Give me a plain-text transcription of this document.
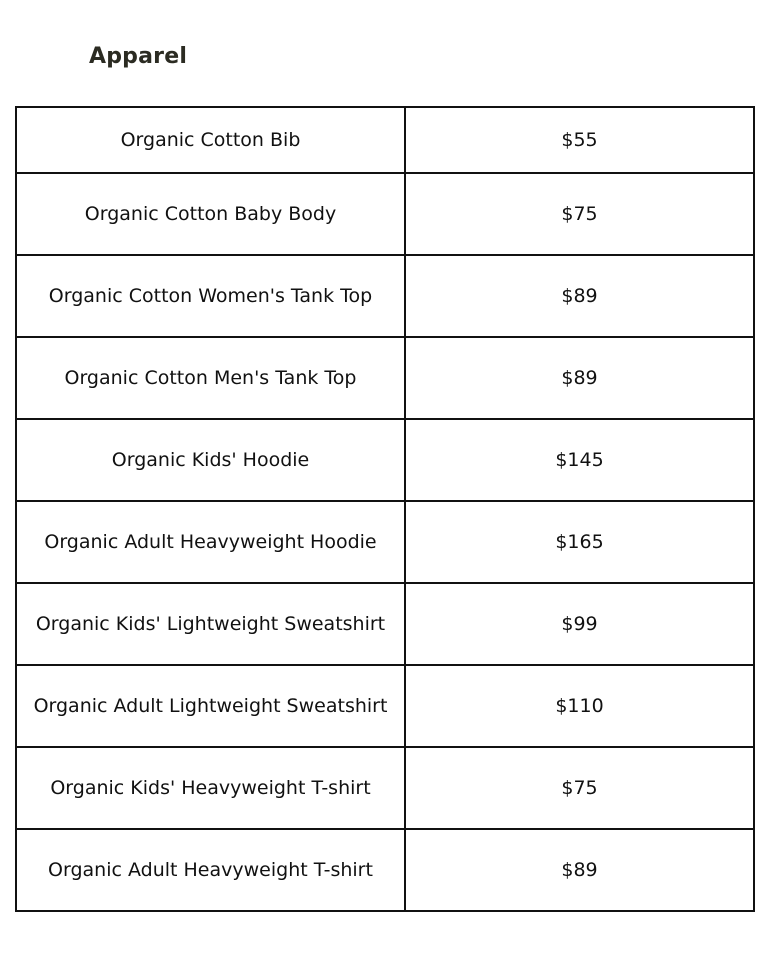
Apparel
Organic Cotton Bib	$55
Organic Cotton Baby Body	$75
Organic Cotton Women's Tank Top	$89
Organic Cotton Men's Tank Top	$89
Organic Kids' Hoodie	$145
Organic Adult Heavyweight Hoodie	$165
Organic Kids' Lightweight Sweatshirt	$99
Organic Adult Lightweight Sweatshirt	$110
Organic Kids' Heavyweight T-shirt	$75
Organic Adult Heavyweight T-shirt	$89
